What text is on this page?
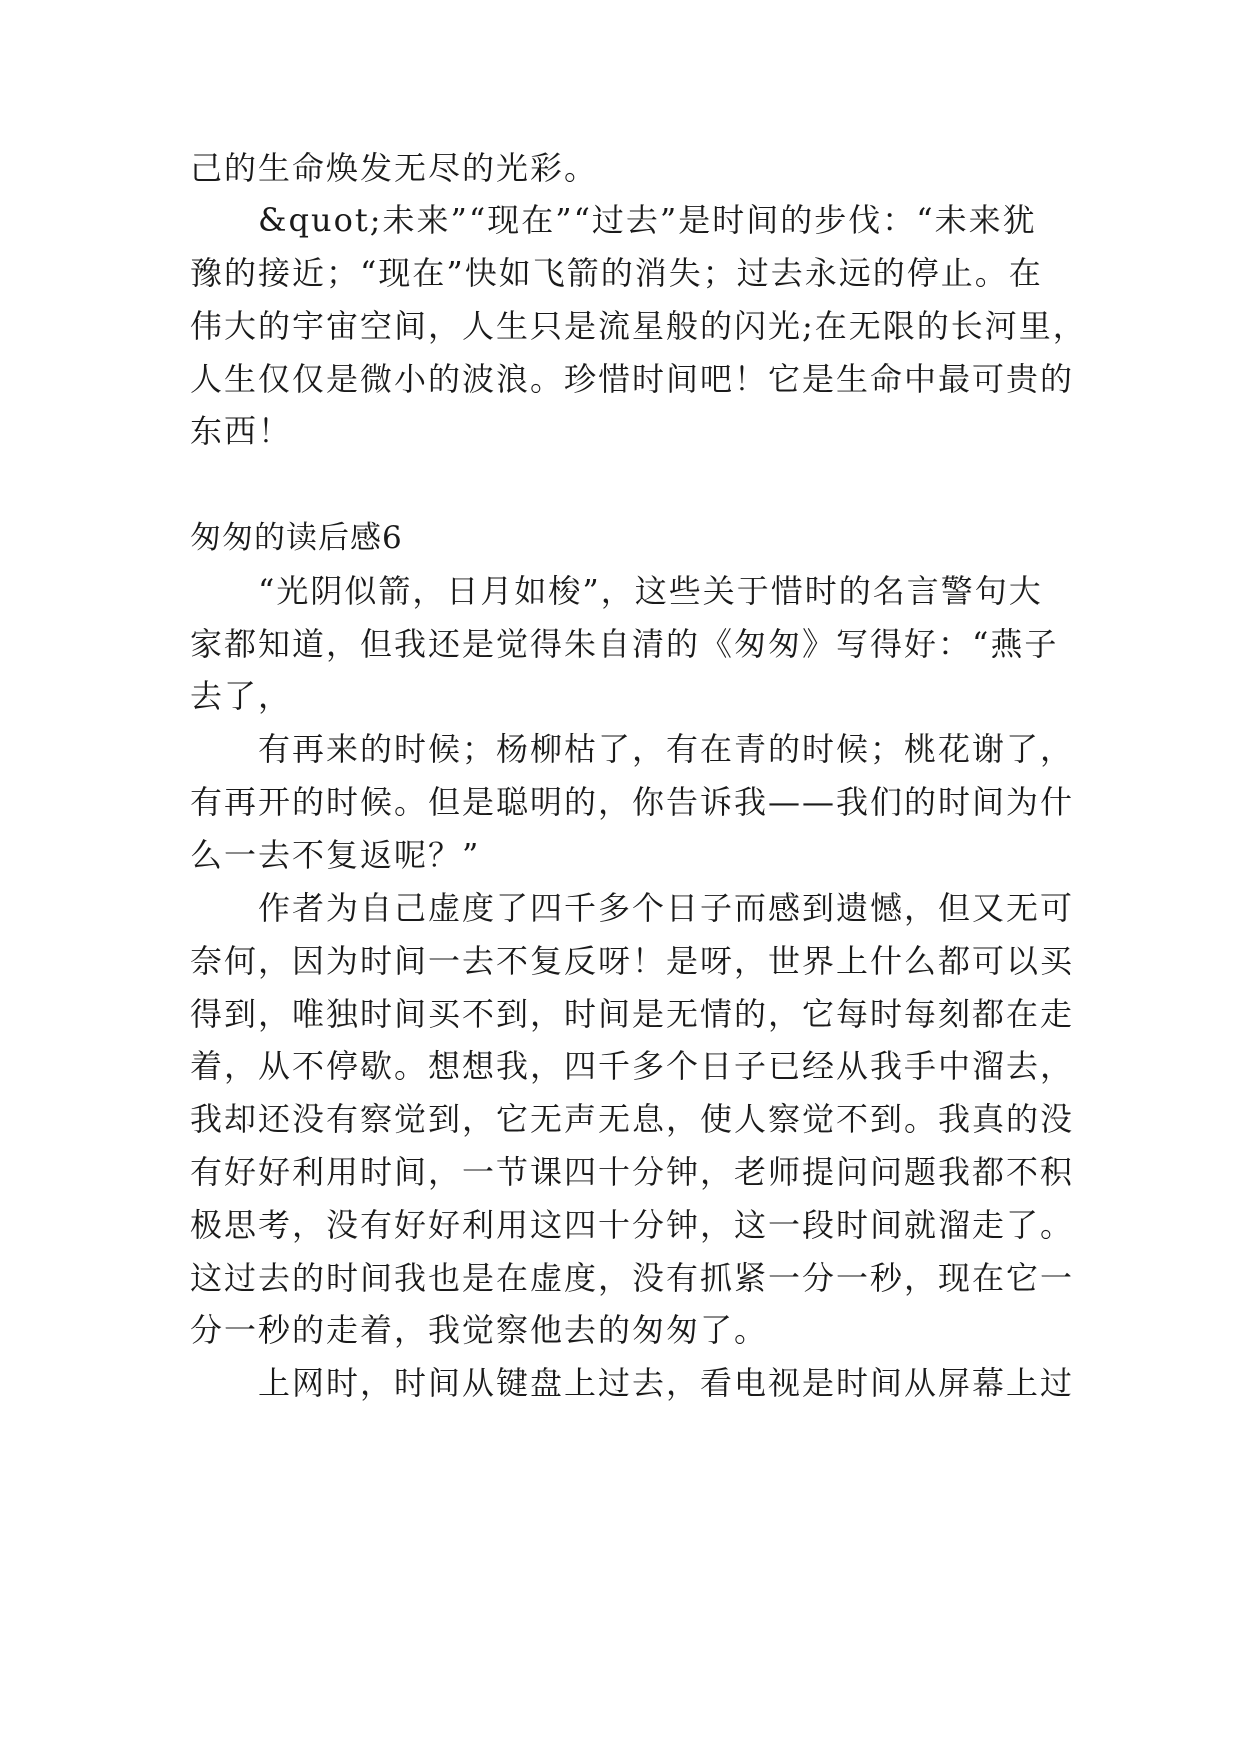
己的生命焕发无尽的光彩。
&quot;未来”“现在”“过去”是时间的步伐：“未来犹
豫的接近；“现在”快如飞箭的消失；过去永远的停止。在
伟大的宇宙空间，人生只是流星般的闪光;在无限的长河里，
人生仅仅是微小的波浪。珍惜时间吧！它是生命中最可贵的
东西！
匆匆的读后感6
“光阴似箭，日月如梭”，这些关于惜时的名言警句大
家都知道，但我还是觉得朱自清的《匆匆》写得好：“燕子
去了，
有再来的时候；杨柳枯了，有在青的时候；桃花谢了，
有再开的时候。但是聪明的，你告诉我——我们的时间为什
么一去不复返呢？”
作者为自己虚度了四千多个日子而感到遗憾，但又无可
奈何，因为时间一去不复反呀！是呀，世界上什么都可以买
得到，唯独时间买不到，时间是无情的，它每时每刻都在走
着，从不停歇。想想我，四千多个日子已经从我手中溜去，
我却还没有察觉到，它无声无息，使人察觉不到。我真的没
有好好利用时间，一节课四十分钟，老师提问问题我都不积
极思考，没有好好利用这四十分钟，这一段时间就溜走了。
这过去的时间我也是在虚度，没有抓紧一分一秒，现在它一
分一秒的走着，我觉察他去的匆匆了。
上网时，时间从键盘上过去，看电视是时间从屏幕上过
